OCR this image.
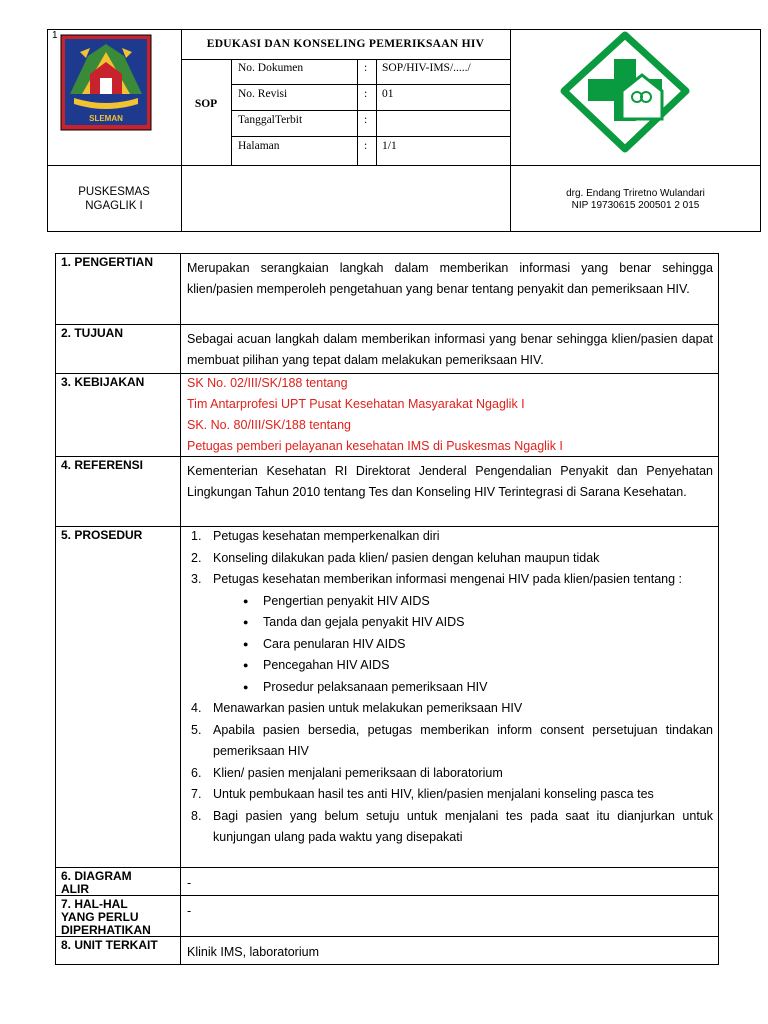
1
SLEMAN
EDUKASI DAN KONSELING PEMERIKSAAN HIV
SOP
No. Dokumen	: SOP/HIV-IMS/...../
No. Revisi	: 01
TanggalTerbit	:
Halaman	: 1/1
PUSKESMAS
NGAGLIK I
drg. Endang Triretno Wulandari
NIP 19730615 200501 2 015
1. PENGERTIAN	Merupakan serangkaian langkah dalam memberikan informasi yang benar sehingga klien/pasien memperoleh pengetahuan yang benar tentang penyakit dan pemeriksaan HIV.
2. TUJUAN	Sebagai acuan langkah dalam memberikan informasi yang benar sehingga klien/pasien dapat membuat pilihan yang tepat dalam melakukan pemeriksaan HIV.
3. KEBIJAKAN	SK No. 02/III/SK/188 tentang
Tim Antarprofesi UPT Pusat Kesehatan Masyarakat Ngaglik I
SK. No. 80/III/SK/188 tentang
Petugas pemberi pelayanan kesehatan IMS di Puskesmas Ngaglik I
4. REFERENSI	Kementerian Kesehatan RI Direktorat Jenderal Pengendalian Penyakit dan Penyehatan Lingkungan Tahun 2010 tentang Tes dan Konseling HIV Terintegrasi di Sarana Kesehatan.
5. PROSEDUR	1. Petugas kesehatan memperkenalkan diri
2. Konseling dilakukan pada klien/ pasien dengan keluhan maupun tidak
3. Petugas kesehatan memberikan informasi mengenai HIV pada klien/pasien tentang :
● Pengertian penyakit HIV AIDS
● Tanda dan gejala penyakit HIV AIDS
● Cara penularan HIV AIDS
● Pencegahan HIV AIDS
● Prosedur pelaksanaan pemeriksaan HIV
4. Menawarkan pasien untuk melakukan pemeriksaan HIV
5. Apabila pasien bersedia, petugas memberikan inform consent persetujuan tindakan pemeriksaan HIV
6. Klien/ pasien menjalani pemeriksaan di laboratorium
7. Untuk pembukaan hasil tes anti HIV, klien/pasien menjalani konseling pasca tes
8. Bagi pasien yang belum setuju untuk menjalani tes pada saat itu dianjurkan untuk kunjungan ulang pada waktu yang disepakati
6. DIAGRAM
ALIR	-
7. HAL-HAL
YANG PERLU
DIPERHATIKAN
-
8. UNIT TERKAIT	Klinik IMS, laboratorium
